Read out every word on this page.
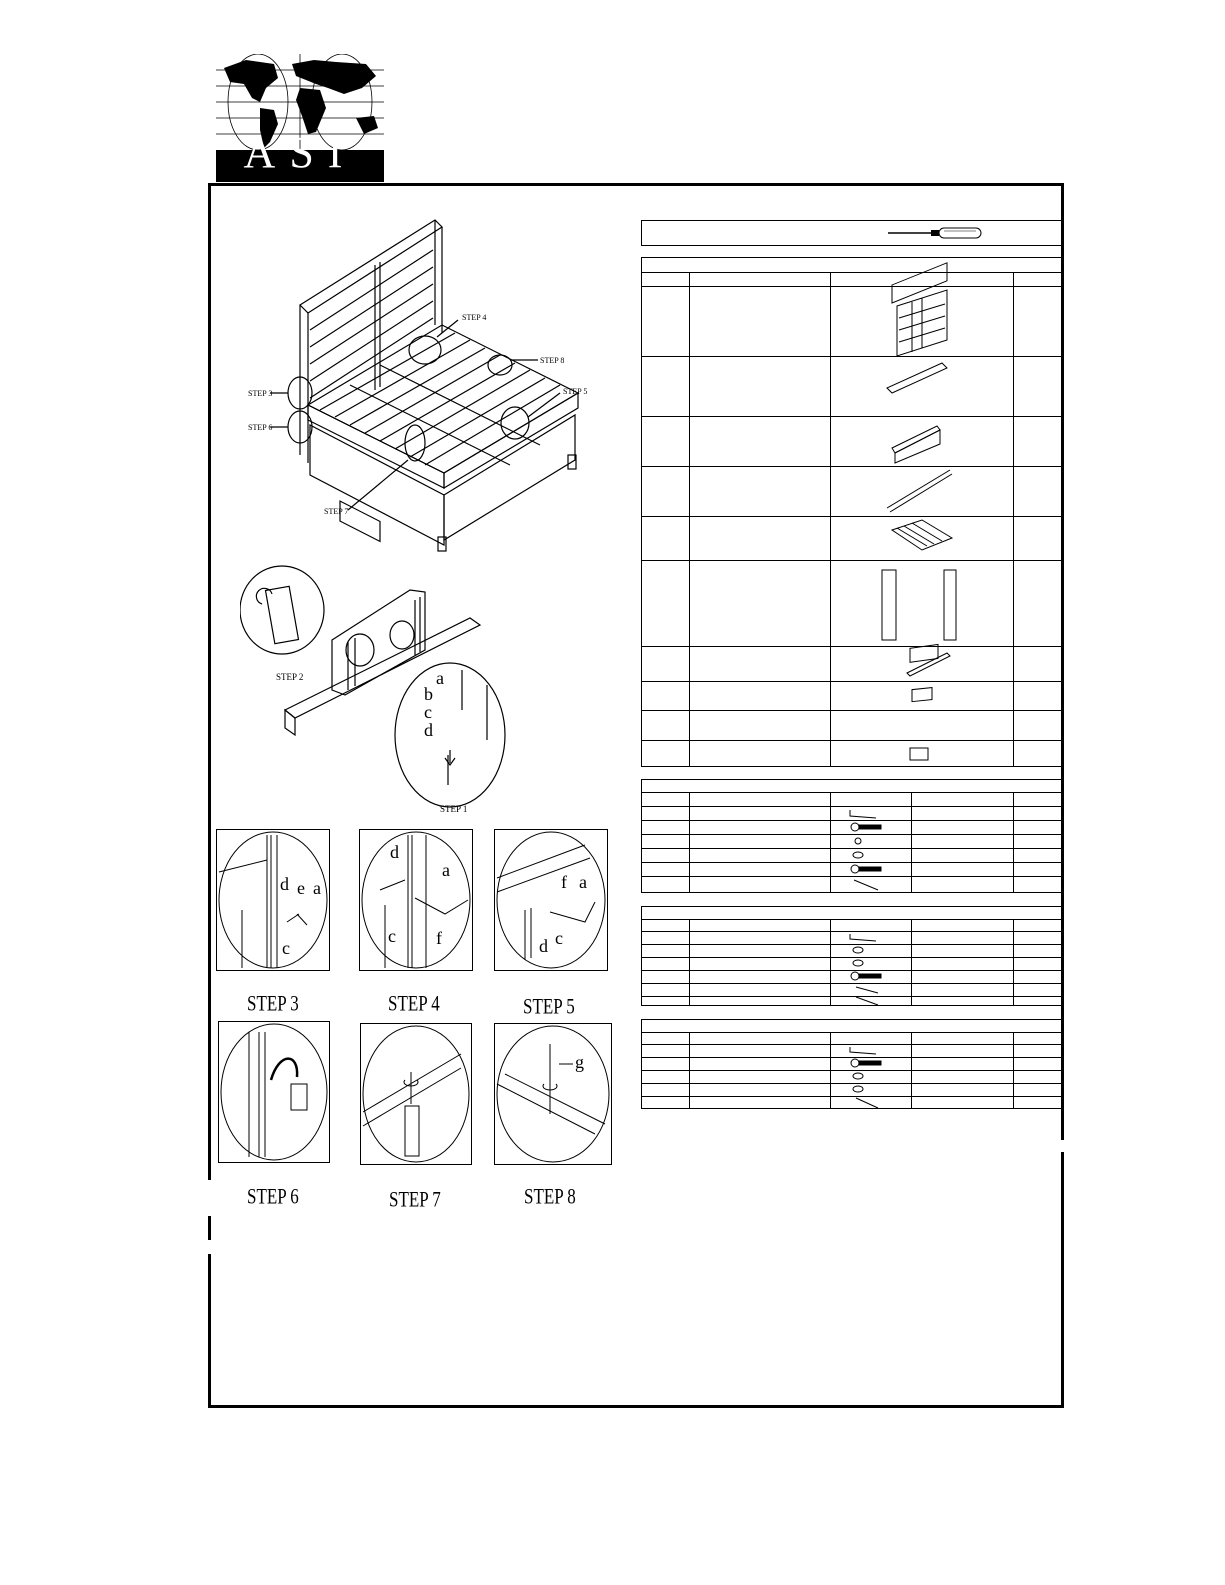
ASI
STEP 3
STEP 6
STEP 4
STEP 8
STEP 5
STEP 7
STEP 2
STEP 1
a
b
c
d
d e a
c
STEP 3
d
a
c f
STEP 4
f a
d c
STEP 5
STEP 6	STEP 7
g
STEP 8
